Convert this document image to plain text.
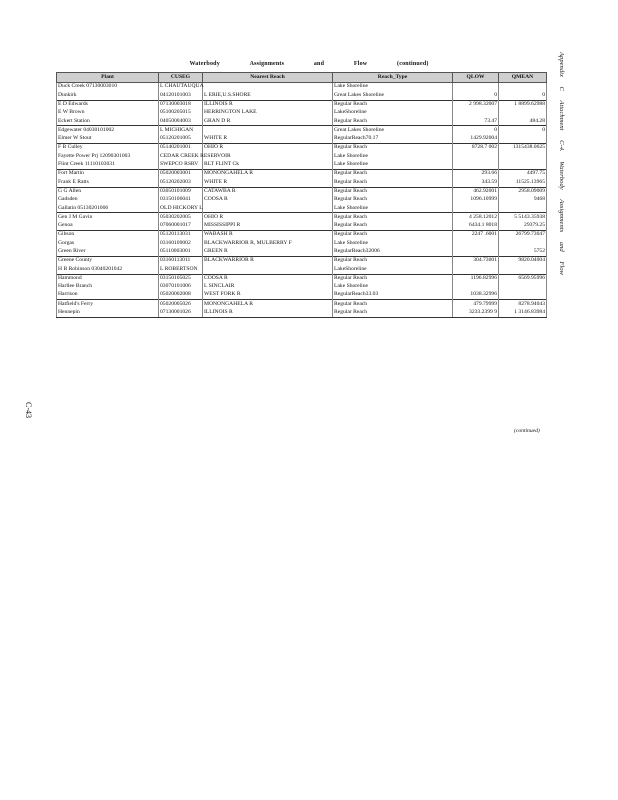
Waterbody	Assignments	and	Flow	(continued)
Plant	CUSEG	Nearest Reach	Reach_Type	QLOW	QMEAN
Duck Creek 07130003010	L CHAUTAUQUA		Lake Shoreline		
Dunkirk	04120101003	L ERIE,U.S.SHORE	Great Lakes Shoreline	0	0
E D Edwards	07130003018	ILLINOIS R	Regular Reach	2 998.32007	1 8899.62988
E W Brown	05100205015	HERRINGTON LAKE	LakeShoreline		
Eckert Station	04050004003	GRAN D R	Regular Reach	73.47	484.28
Edgewater 04030101002	L MICHIGAN		Great Lakes Shoreline	0	0
Elmer W Stout	05120201005	WHITE R	RegularReach70.17	1429.92004	
F B Culley	05140201001	OHIO R	Regular Reach	8728.7 002	1315438.0625
Fayette Power Prj 12090301003	CEDAR CREEK RESERVOIR		Lake Shoreline		
Flint Creek 11110103031	SWEPCO RSRV	RLT FLINT Ck	Lake Shoreline		
Fort Martin	05020003001	MONONGAHELA R	Regular Reach	293.66	4497.75
Frank E Ratts	05120202003	WHITE R	Regular Reach	343.59	11525.13965
G G Allen	03050101009	CATAWBA R	Regular Reach	462.92001	2958.09009
Gadsden	03150106041	COOSA R	Regular Reach	1096.10999	9468
Gallatin 05130201006	OLD HICKORY L		Lake Shoreline		
Gen J M Gavin	05030202005	OHIO R	Regular Reach	4 258.12012	5 5143.35938
Genoa	07060001017	MISSISSIPPI R	Regular Reach	6434.1 8018	29379.25
Gibson	05120113031	WABASH R	Regular Reach	2247 .6001	26799.73047
Gorgas	03160109002	BLACKWARRIOR R, MULBERRY F	Lake Shoreline		
Green River	05110003001	GREEN R	RegularReach32006		5752
Greene County	03160113011	BLACKWARRIOR R	Regular Reach	304.73001	9820.04004
H B Robinson 03040201042	L ROBERTSON		LakeShoreline		
Hammond	03150105025	COOSA R	Regular Reach	1196.82996	6569.95996
Harllee Branch	03070101006	L SINCLAIR	Lake Shoreline		
Harrison	05020002008	WEST FORK R	RegularReach33.03	1038.32996	
Hatfield's Ferry	05020005026	MONONGAHELA R	Regular Reach	479.79999	8278.94043
Hennepin	07130001026	ILLINOIS R	Regular Reach	3233.2399 9	1 3146.83984
(continued)
Appendix C Attachment C-4. Waterbody Assignments and Flow
C-43
